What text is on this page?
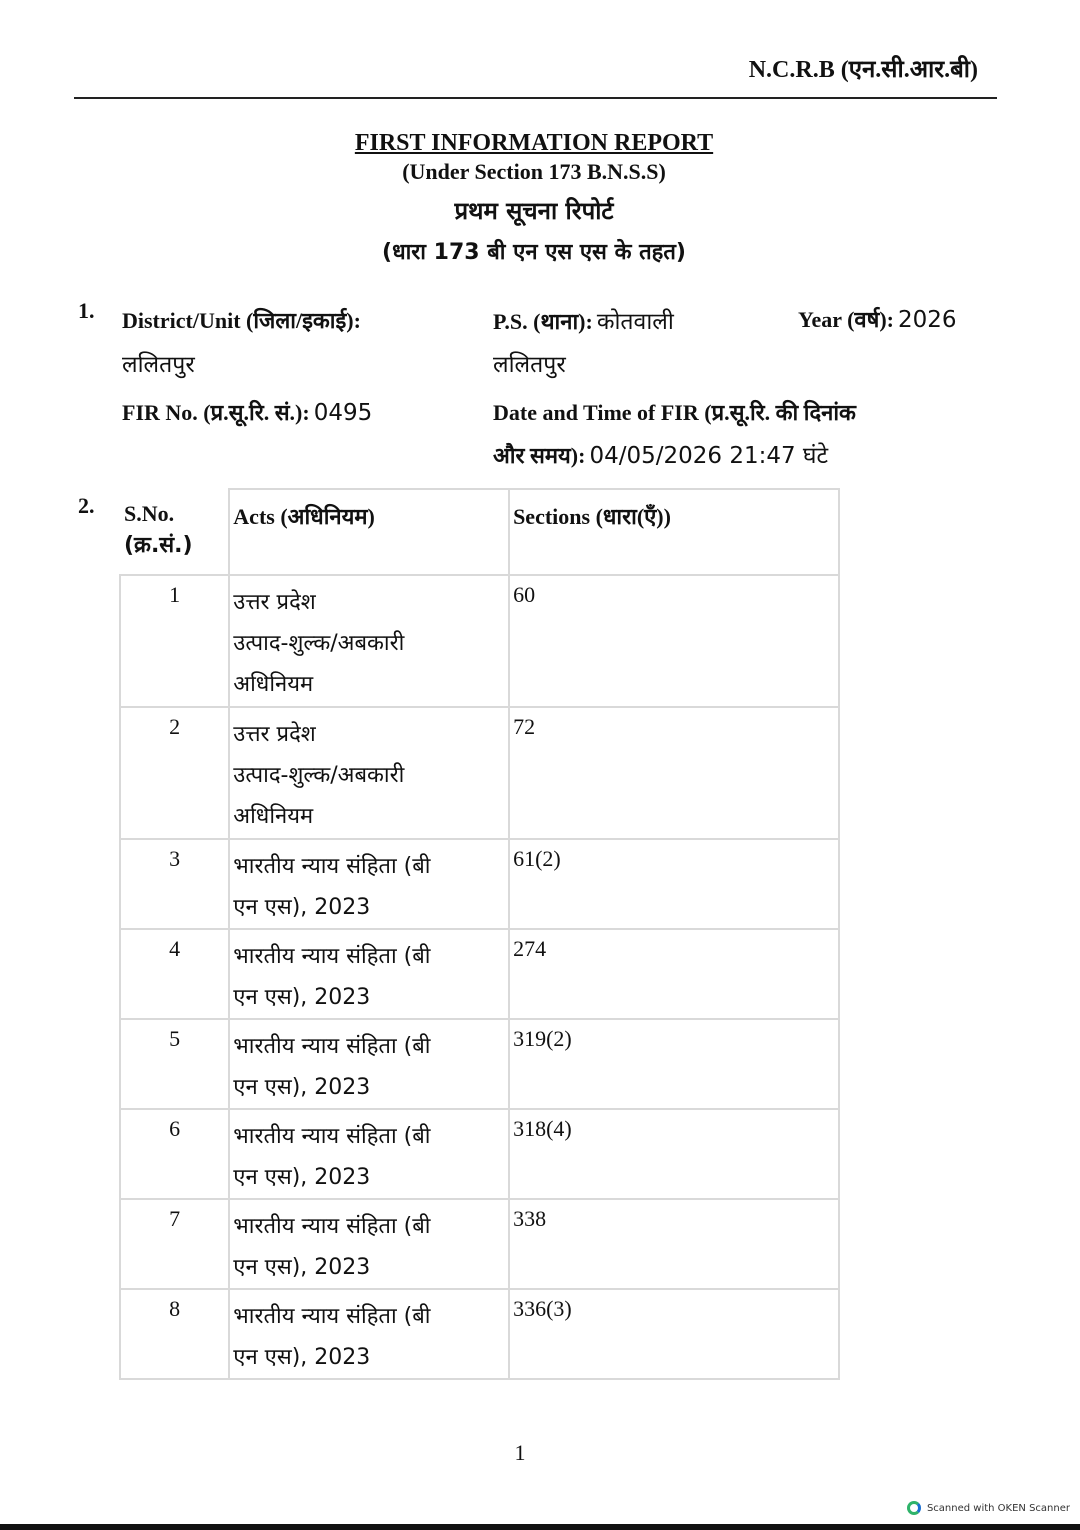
N.C.R.B (एन.सी.आर.बी)
FIRST INFORMATION REPORT
(Under Section 173 B.N.S.S)
प्रथम सूचना रिपोर्ट
(धारा 173 बी एन एस एस के तहत)
1. District/Unit (जिला/इकाई):
ललितपुर
P.S. (थाना): कोतवाली
ललितपुर
Year (वर्ष): 2026
FIR No. (प्र.सू.रि. सं.): 0495	Date and Time of FIR (प्र.सू.रि. की दिनांक
और समय): 04/05/2026 21:47 घंटे
2. S.No.
(क्र.सं.)	Acts (अधिनियम)	Sections (धारा(एँ))
1	उत्तर प्रदेश
उत्पाद-शुल्क/अबकारी
अधिनियम	60
2	उत्तर प्रदेश
उत्पाद-शुल्क/अबकारी
अधिनियम	72
3	भारतीय न्याय संहिता (बी
एन एस), 2023	61(2)
4	भारतीय न्याय संहिता (बी
एन एस), 2023	274
5	भारतीय न्याय संहिता (बी
एन एस), 2023	319(2)
6	भारतीय न्याय संहिता (बी
एन एस), 2023	318(4)
7	भारतीय न्याय संहिता (बी
एन एस), 2023	338
8	भारतीय न्याय संहिता (बी
एन एस), 2023	336(3)
1
Scanned with OKEN Scanner
